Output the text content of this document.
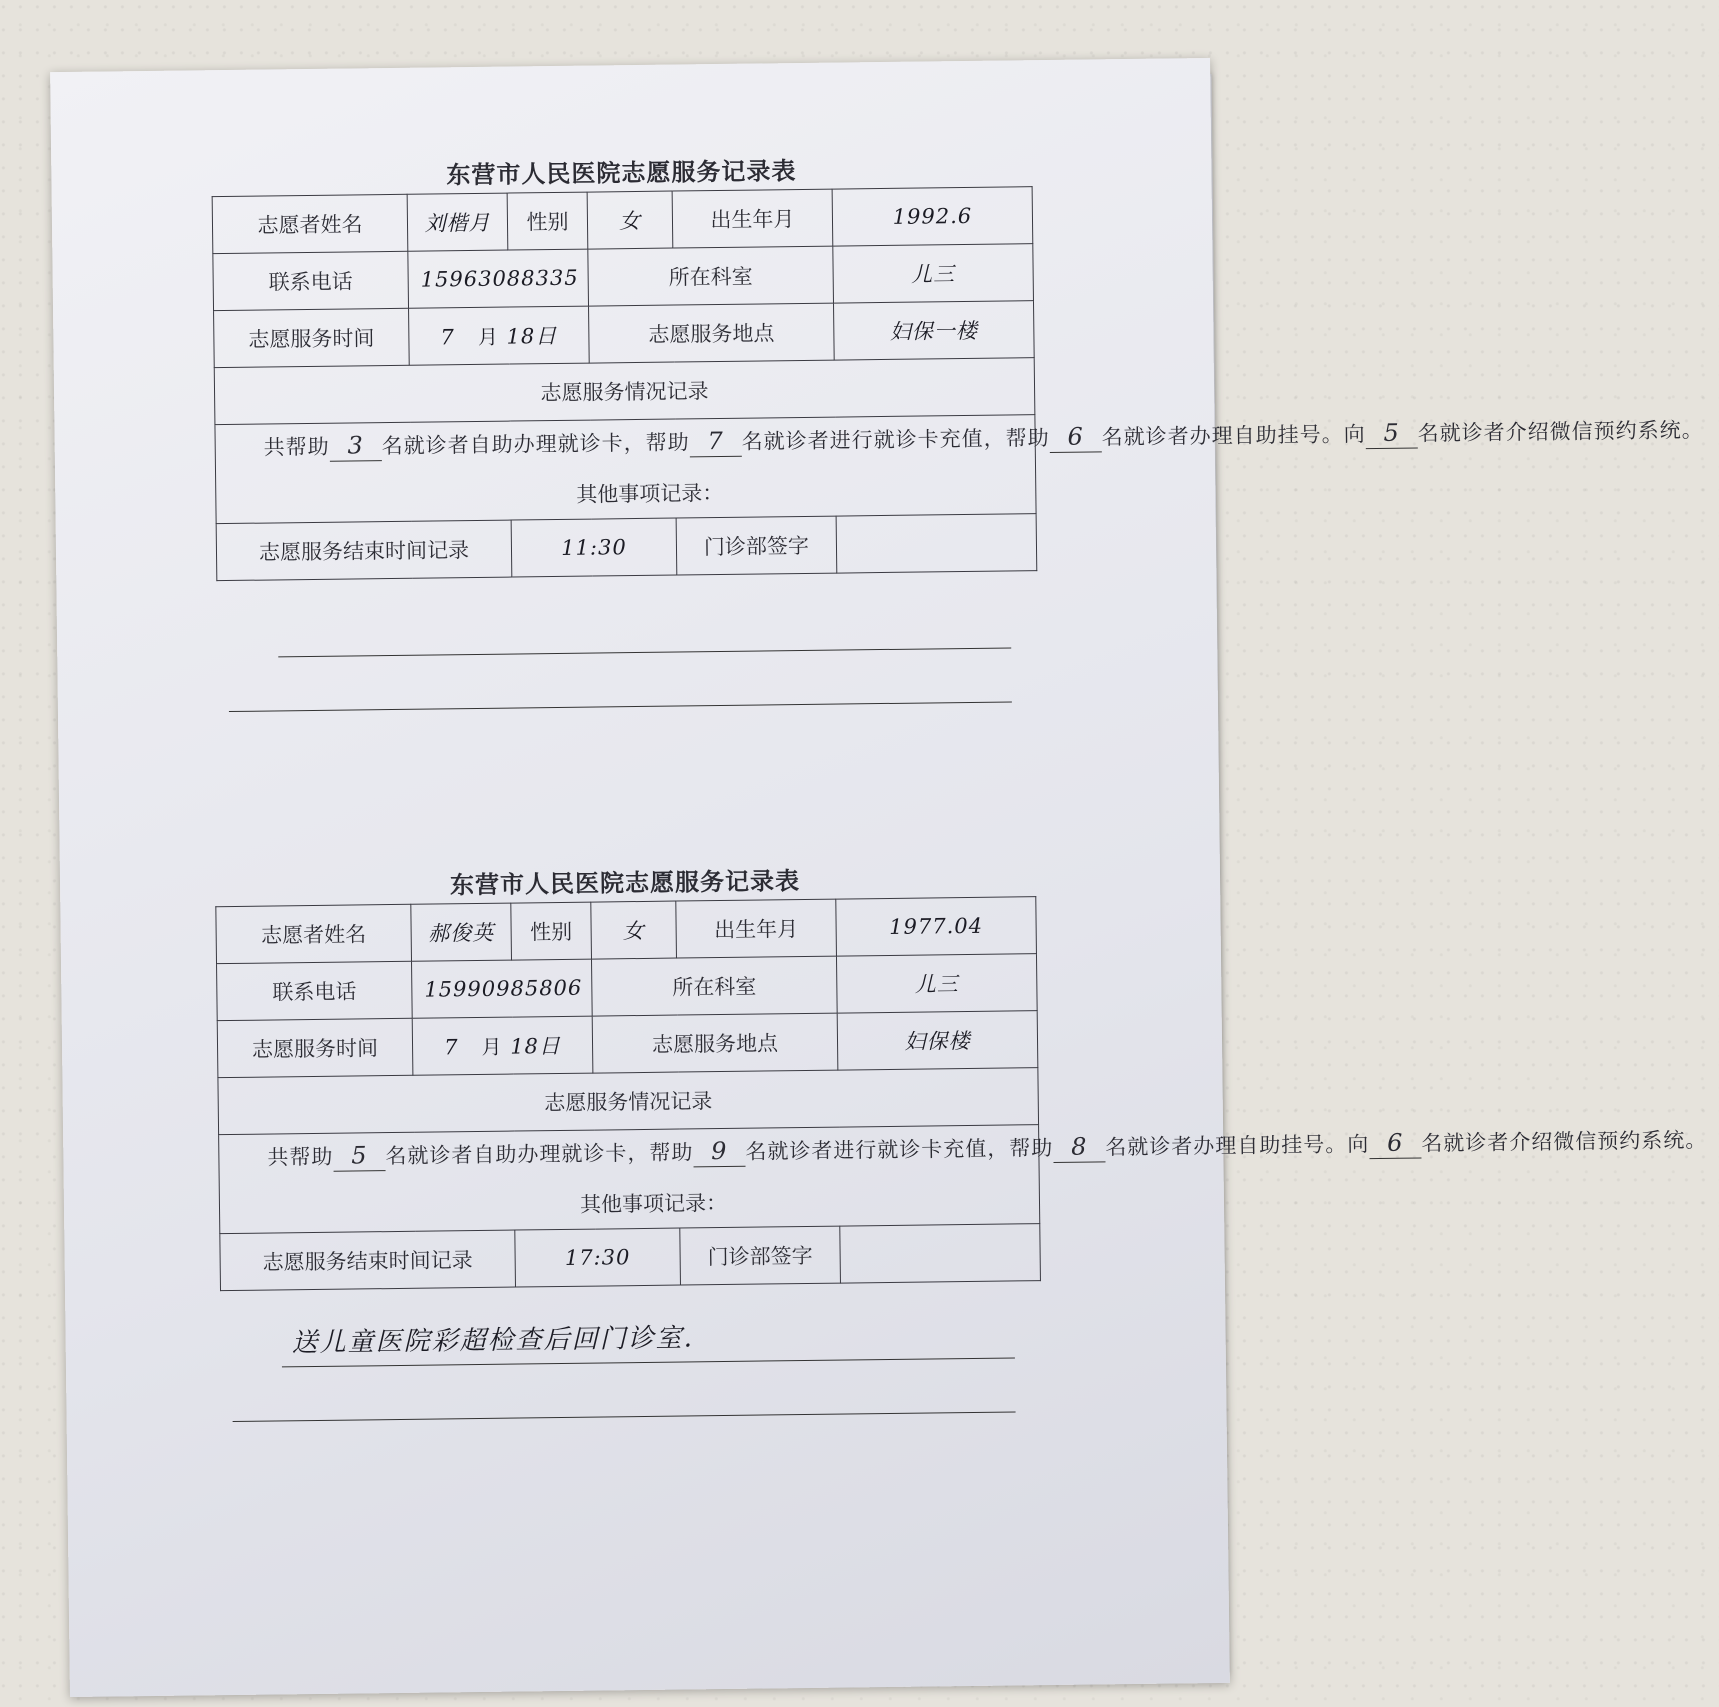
东营市人民医院志愿服务记录表
志愿者姓名	刘楷月	性别	女	出生年月	1992.6
联系电话	15963088335		所在科室		儿三
志愿服务时间	7 月 18日		志愿服务地点		妇保一楼
志愿服务情况记录					

共帮助 3 名就诊者自助办理就诊卡，帮助 7 名就诊者进行就诊卡充值，帮助 6 名就诊者办理自助挂号。向 5 名就诊者介绍微信预约系统。
其他事项记录：					

志愿服务结束时间记录		11:30		门诊部签字	
东营市人民医院志愿服务记录表
志愿者姓名	郝俊英	性别	女	出生年月	1977.04
联系电话	15990985806		所在科室		儿三
志愿服务时间	7 月 18日		志愿服务地点		妇保楼
志愿服务情况记录					

共帮助 5 名就诊者自助办理就诊卡，帮助 9 名就诊者进行就诊卡充值，帮助 8 名就诊者办理自助挂号。向 6 名就诊者介绍微信预约系统。
其他事项记录：
送儿童医院彩超检查后回门诊室.					

志愿服务结束时间记录		17:30		门诊部签字	
